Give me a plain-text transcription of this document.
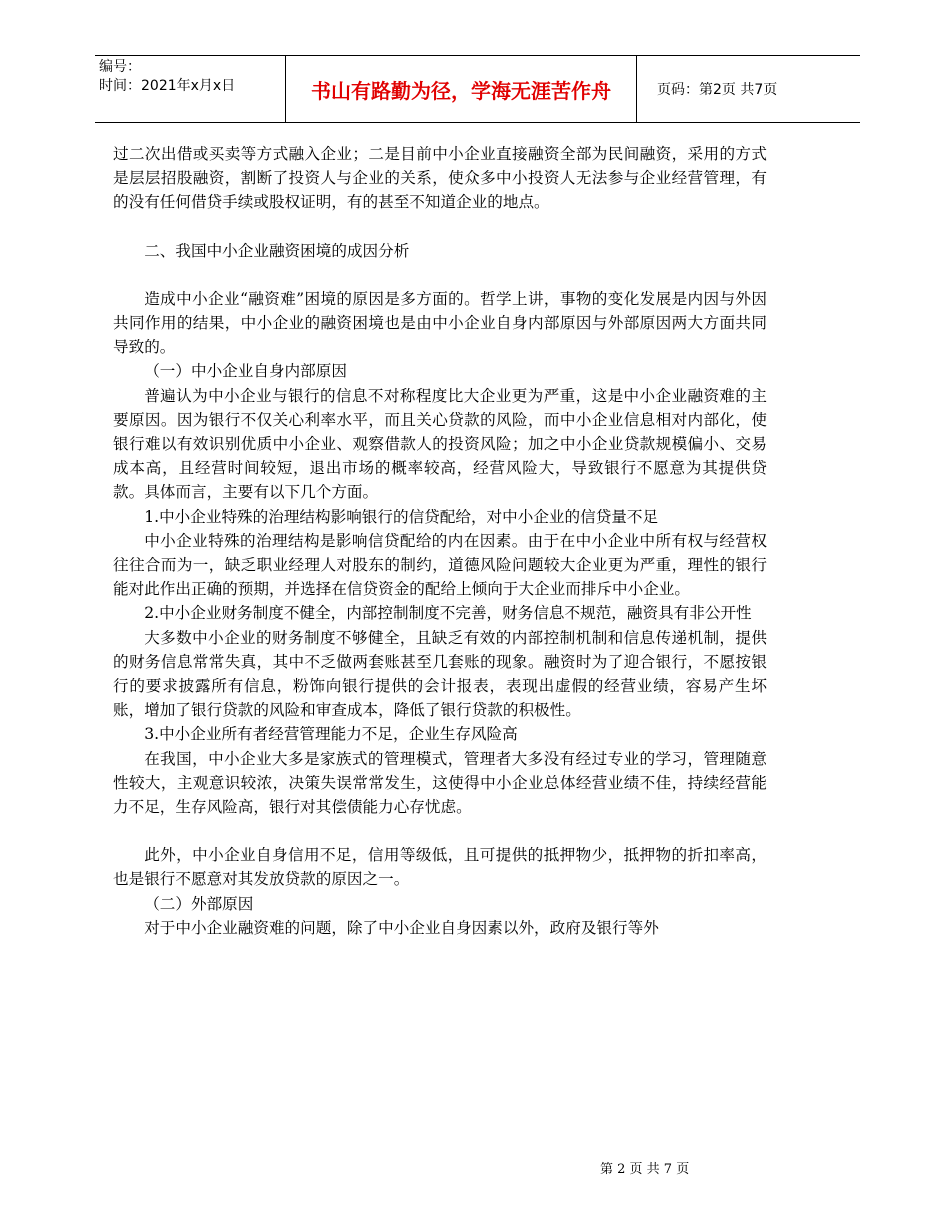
编号：
时间：2021年x月x日	书山有路勤为径，学海无涯苦作舟	页码：第2页 共7页

过二次出借或买卖等方式融入企业；二是目前中小企业直接融资全部为民间融资，采用的方式是层层招股融资，割断了投资人与企业的关系，使众多中小投资人无法参与企业经营管理，有的没有任何借贷手续或股权证明，有的甚至不知道企业的地点。

二、我国中小企业融资困境的成因分析

造成中小企业“融资难”困境的原因是多方面的。哲学上讲，事物的变化发展是内因与外因共同作用的结果，中小企业的融资困境也是由中小企业自身内部原因与外部原因两大方面共同导致的。

（一）中小企业自身内部原因

普遍认为中小企业与银行的信息不对称程度比大企业更为严重，这是中小企业融资难的主要原因。因为银行不仅关心利率水平，而且关心贷款的风险，而中小企业信息相对内部化，使银行难以有效识别优质中小企业、观察借款人的投资风险；加之中小企业贷款规模偏小、交易成本高，且经营时间较短，退出市场的概率较高，经营风险大，导致银行不愿意为其提供贷款。具体而言，主要有以下几个方面。

1.中小企业特殊的治理结构影响银行的信贷配给，对中小企业的信贷量不足

中小企业特殊的治理结构是影响信贷配给的内在因素。由于在中小企业中所有权与经营权往往合而为一，缺乏职业经理人对股东的制约，道德风险问题较大企业更为严重，理性的银行能对此作出正确的预期，并选择在信贷资金的配给上倾向于大企业而排斥中小企业。

2.中小企业财务制度不健全，内部控制制度不完善，财务信息不规范，融资具有非公开性

大多数中小企业的财务制度不够健全，且缺乏有效的内部控制机制和信息传递机制，提供的财务信息常常失真，其中不乏做两套账甚至几套账的现象。融资时为了迎合银行，不愿按银行的要求披露所有信息，粉饰向银行提供的会计报表，表现出虚假的经营业绩，容易产生坏账，增加了银行贷款的风险和审查成本，降低了银行贷款的积极性。

3.中小企业所有者经营管理能力不足，企业生存风险高

在我国，中小企业大多是家族式的管理模式，管理者大多没有经过专业的学习，管理随意性较大，主观意识较浓，决策失误常常发生，这使得中小企业总体经营业绩不佳，持续经营能力不足，生存风险高，银行对其偿债能力心存忧虑。

此外，中小企业自身信用不足，信用等级低，且可提供的抵押物少，抵押物的折扣率高，也是银行不愿意对其发放贷款的原因之一。

（二）外部原因

对于中小企业融资难的问题，除了中小企业自身因素以外，政府及银行等外

第 2 页 共 7 页
